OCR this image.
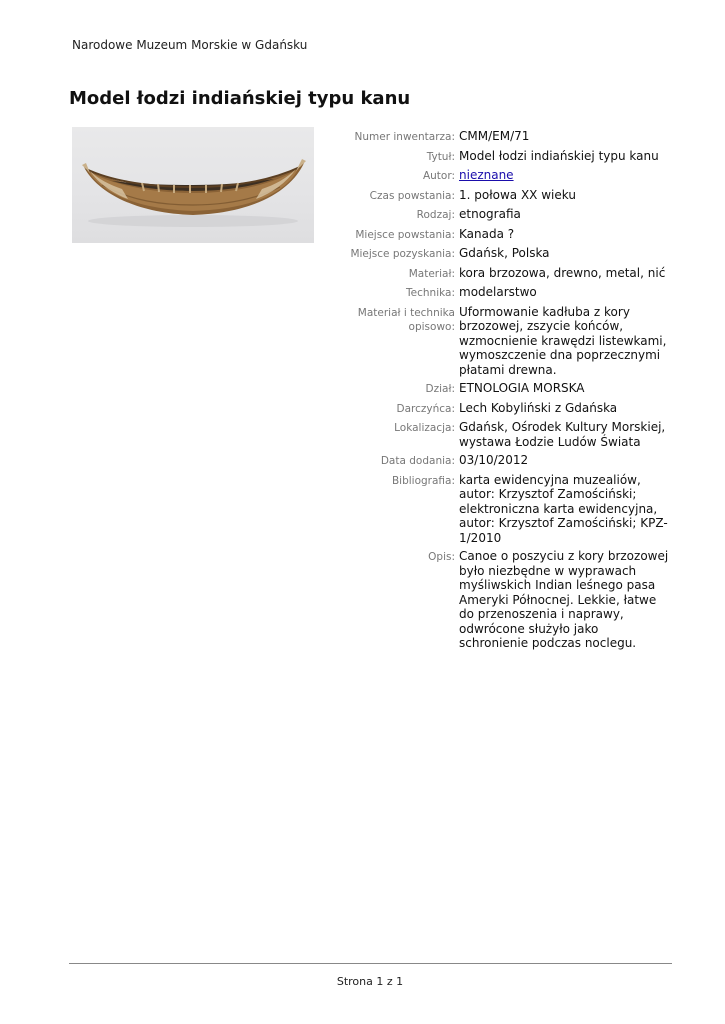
Narodowe Muzeum Morskie w Gdańsku
Model łodzi indiańskiej typu kanu
Numer inwentarza: CMM/EM/71
Tytuł: Model łodzi indiańskiej typu kanu
Autor: nieznane
Czas powstania: 1. połowa XX wieku
Rodzaj: etnografia
Miejsce powstania: Kanada ?
Miejsce pozyskania: Gdańsk, Polska
Materiał: kora brzozowa, drewno, metal, nić
Technika: modelarstwo
Materiał i technika opisowo:
Uformowanie kadłuba z kory brzozowej, zszycie końców, wzmocnienie krawędzi listewkami, wymoszczenie dna poprzecznymi płatami drewna.
Dział: ETNOLOGIA MORSKA
Darczyńca: Lech Kobyliński z Gdańska
Lokalizacja: Gdańsk, Ośrodek Kultury Morskiej, wystawa Łodzie Ludów Świata
Data dodania: 03/10/2012
Bibliografia: karta ewidencyjna muzealiów, autor: Krzysztof Zamościński; elektroniczna karta ewidencyjna, autor: Krzysztof Zamościński; KPZ-1/2010
Opis: Canoe o poszyciu z kory brzozowej było niezbędne w wyprawach myśliwskich Indian leśnego pasa Ameryki Północnej. Lekkie, łatwe do przenoszenia i naprawy, odwrócone służyło jako schronienie podczas noclegu.
Strona 1 z 1
